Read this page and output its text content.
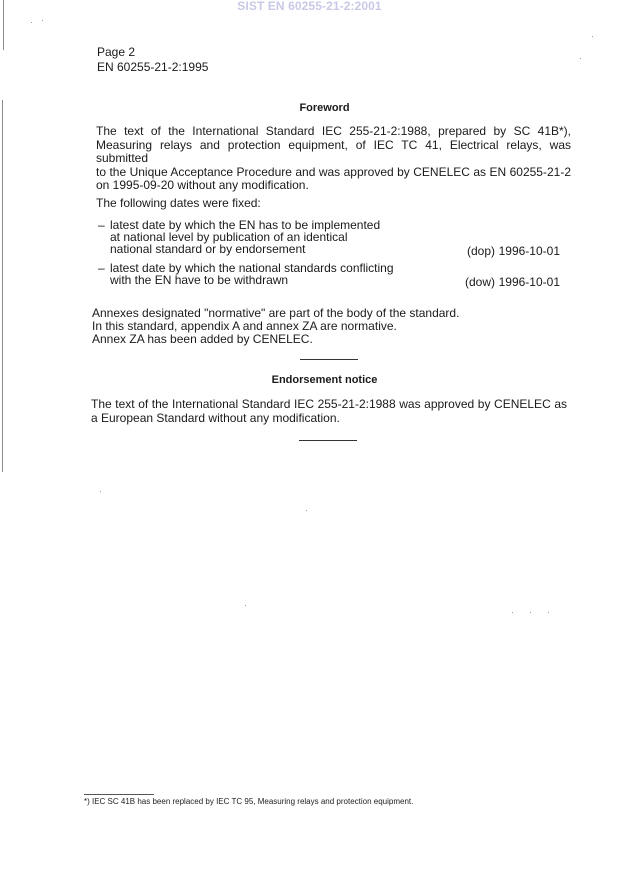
SIST EN 60255-21-2:2001
Page 2
EN 60255-21-2:1995
Foreword
The text of the International Standard IEC 255-21-2:1988, prepared by SC 41B*),
Measuring relays and protection equipment, of IEC TC 41, Electrical relays, was submitted
to the Unique Acceptance Procedure and was approved by CENELEC as EN 60255-21-2
on 1995-09-20 without any modification.
The following dates were fixed:
– latest date by which the EN has to be implemented
at national level by publication of an identical
national standard or by endorsement	(dop) 1996-10-01
– latest date by which the national standards conflicting
with the EN have to be withdrawn	(dow) 1996-10-01
Annexes designated "normative" are part of the body of the standard.
In this standard, appendix A and annex ZA are normative.
Annex ZA has been added by CENELEC.
Endorsement notice
The text of the International Standard IEC 255-21-2:1988 was approved by CENELEC as
a European Standard without any modification.
*) IEC SC 41B has been replaced by IEC TC 95, Measuring relays and protection equipment.
